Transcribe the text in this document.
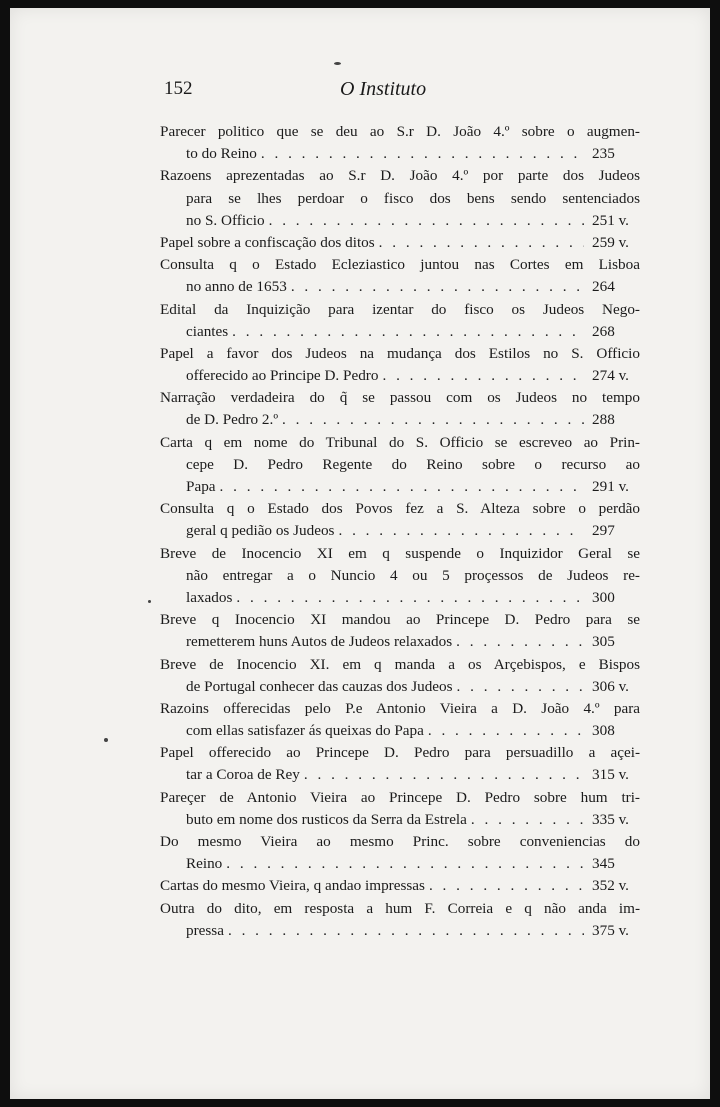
152	O Instituto
Parecer politico que se deu ao S.r D. João 4.º sobre o augmen-
to do Reino . . .	235
Razoens aprezentadas ao S.r D. João 4.º por parte dos Judeos
para se lhes perdoar o fisco dos bens sendo sentenciados
no S. Officio . . .	251 v.
Papel sobre a confiscação dos ditos . . .	259 v.
Consulta q o Estado Ecleziastico juntou nas Cortes em Lisboa
no anno de 1653 . . .	264
Edital da Inquizição para izentar do fisco os Judeos Nego-
ciantes . . .	268
Papel a favor dos Judeos na mudança dos Estilos no S. Officio
offerecido ao Principe D. Pedro . . .	274 v.
Narração verdadeira do q̃ se passou com os Judeos no tempo
de D. Pedro 2.º . . .	288
Carta q em nome do Tribunal do S. Officio se escreveo ao Prin-
cepe D. Pedro Regente do Reino sobre o recurso ao
Papa . . .	291 v.
Consulta q o Estado dos Povos fez a S. Alteza sobre o perdão
geral q pedião os Judeos . . .	297
Breve de Inocencio XI em q suspende o Inquizidor Geral se
não entregar a o Nuncio 4 ou 5 proçessos de Judeos re-
laxados . . .	300
Breve q Inocencio XI mandou ao Princepe D. Pedro para se
remetterem huns Autos de Judeos relaxados . . .	305
Breve de Inocencio XI. em q manda a os Arçebispos, e Bispos
de Portugal conhecer das cauzas dos Judeos . . .	306 v.
Razoins offerecidas pelo P.e Antonio Vieira a D. João 4.º para
com ellas satisfazer ás queixas do Papa . . .	308
Papel offerecido ao Princepe D. Pedro para persuadillo a açei-
tar a Coroa de Rey . . .	315 v.
Pareçer de Antonio Vieira ao Princepe D. Pedro sobre hum tri-
buto em nome dos rusticos da Serra da Estrela . . .	335 v.
Do mesmo Vieira ao mesmo Princ. sobre conveniencias do
Reino . . .	345
Cartas do mesmo Vieira, q andao impressas . . .	352 v.
Outra do dito, em resposta a hum F. Correia e q não anda im-
pressa . . .	375 v.
